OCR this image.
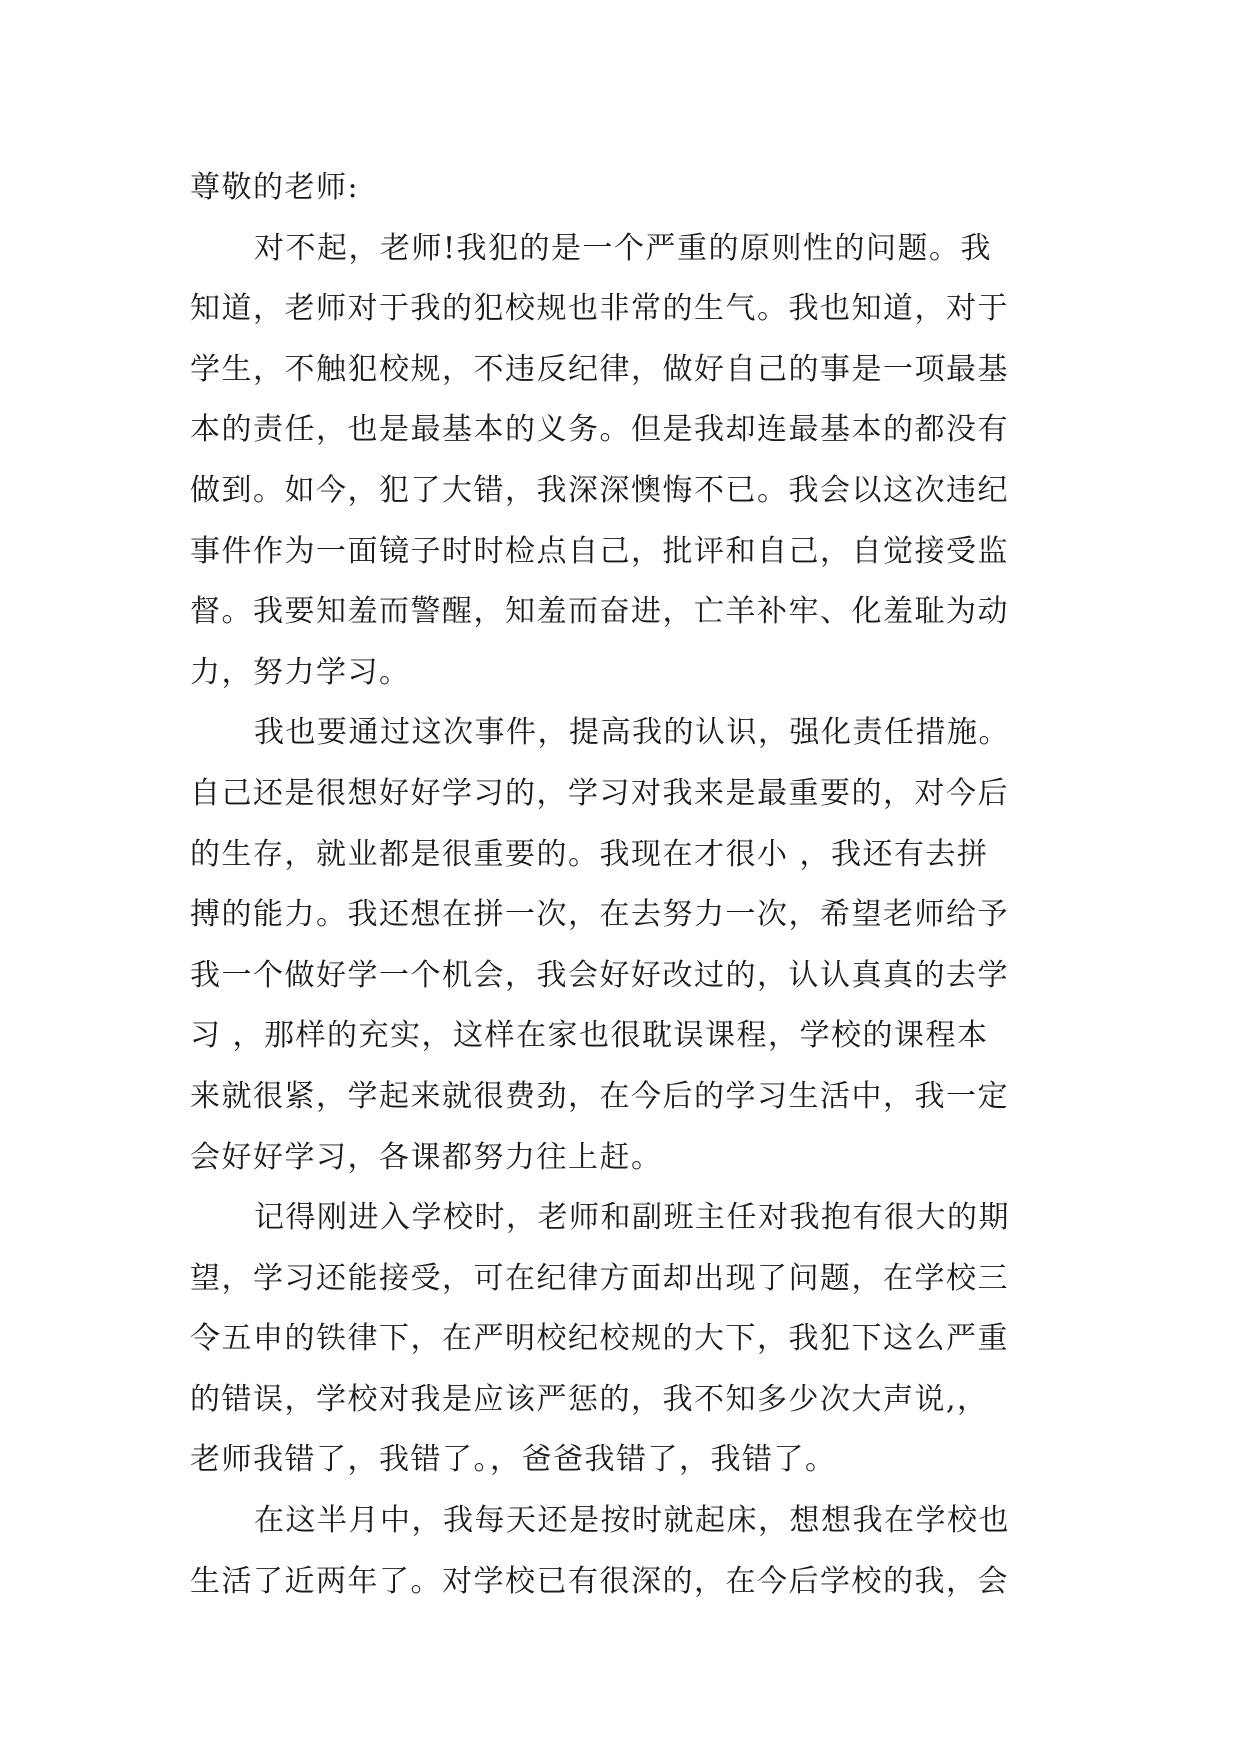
尊敬的老师:
对不起，老师!我犯的是一个严重的原则性的问题。我
知道，老师对于我的犯校规也非常的生气。我也知道，对于
学生，不触犯校规，不违反纪律，做好自己的事是一项最基
本的责任，也是最基本的义务。但是我却连最基本的都没有
做到。如今，犯了大错，我深深懊悔不已。我会以这次违纪
事件作为一面镜子时时检点自己，批评和自己，自觉接受监
督。我要知羞而警醒，知羞而奋进，亡羊补牢、化羞耻为动
力，努力学习。
我也要通过这次事件，提高我的认识，强化责任措施。
自己还是很想好好学习的，学习对我来是最重要的，对今后
的生存，就业都是很重要的。我现在才很小 ，我还有去拼
搏的能力。我还想在拼一次，在去努力一次，希望老师给予
我一个做好学一个机会，我会好好改过的，认认真真的去学
习 ，那样的充实，这样在家也很耽误课程，学校的课程本
来就很紧，学起来就很费劲，在今后的学习生活中，我一定
会好好学习，各课都努力往上赶。
记得刚进入学校时，老师和副班主任对我抱有很大的期
望，学习还能接受，可在纪律方面却出现了问题，在学校三
令五申的铁律下，在严明校纪校规的大下，我犯下这么严重
的错误，学校对我是应该严惩的，我不知多少次大声说,，
老师我错了，我错了。，爸爸我错了，我错了。
在这半月中，我每天还是按时就起床，想想我在学校也
生活了近两年了。对学校已有很深的，在今后学校的我，会
